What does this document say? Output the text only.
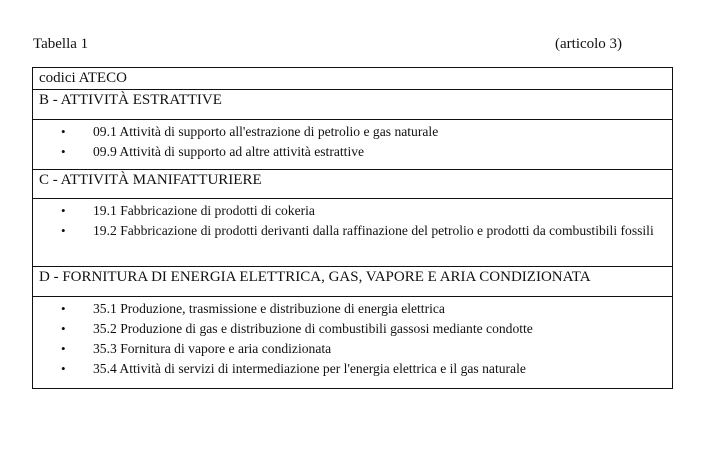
Tabella 1	(articolo 3)
codici ATECO
B - ATTIVITÀ ESTRATTIVE
• 09.1 Attività di supporto all'estrazione di petrolio e gas naturale
• 09.9 Attività di supporto ad altre attività estrattive
C - ATTIVITÀ MANIFATTURIERE
• 19.1 Fabbricazione di prodotti di cokeria
• 19.2 Fabbricazione di prodotti derivanti dalla raffinazione del petrolio e prodotti da combustibili fossili
D - FORNITURA DI ENERGIA ELETTRICA, GAS, VAPORE E ARIA CONDIZIONATA
• 35.1 Produzione, trasmissione e distribuzione di energia elettrica
• 35.2 Produzione di gas e distribuzione di combustibili gassosi mediante condotte
• 35.3 Fornitura di vapore e aria condizionata
• 35.4 Attività di servizi di intermediazione per l'energia elettrica e il gas naturale
